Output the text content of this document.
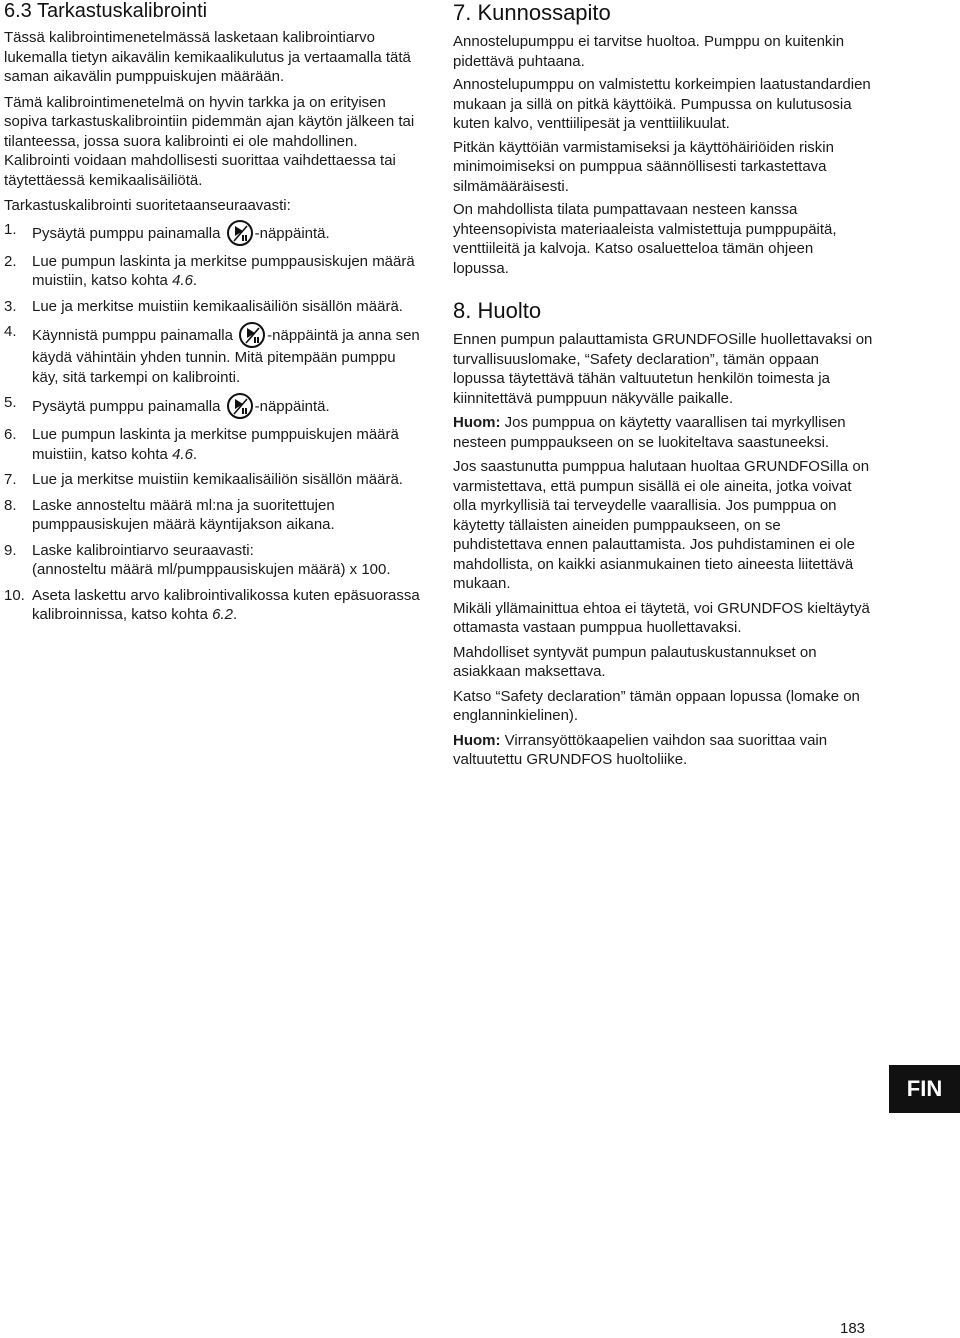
6.3 Tarkastuskalibrointi

Tässä kalibrointimenetelmässä lasketaan kalibrointiarvo lukemalla tietyn aikavälin kemikaalikulutus ja vertaamalla tätä saman aikavälin pumppuiskujen määrään.

Tämä kalibrointimenetelmä on hyvin tarkka ja on erityisen sopiva tarkastuskalibrointiin pidemmän ajan käytön jälkeen tai tilanteessa, jossa suora kalibrointi ei ole mahdollinen. Kalibrointi voidaan mahdollisesti suorittaa vaihdettaessa tai täytettäessä kemikaalisäiliötä.

Tarkastuskalibrointi suoritetaanseuraavasti:

1.	Pysäytä pumppu painamalla -näppäintä.
2.	Lue pumpun laskinta ja merkitse pumppausiskujen määrä muistiin, katso kohta 4.6.
3.	Lue ja merkitse muistiin kemikaalisäiliön sisällön määrä.
4.	Käynnistä pumppu painamalla -näppäintä ja anna sen käydä vähintäin yhden tunnin. Mitä pitempään pumppu käy, sitä tarkempi on kalibrointi.
5.	Pysäytä pumppu painamalla -näppäintä.
6.	Lue pumpun laskinta ja merkitse pumppuiskujen määrä muistiin, katso kohta 4.6.
7.	Lue ja merkitse muistiin kemikaalisäiliön sisällön määrä.
8.	Laske annosteltu määrä ml:na ja suoritettujen pumppausiskujen määrä käyntijakson aikana.
9.	Laske kalibrointiarvo seuraavasti:
(annosteltu määrä ml/pumppausiskujen määrä) x 100.
10. Aseta laskettu arvo kalibrointivalikossa kuten epäsuorassa kalibroinnissa, katso kohta 6.2.
7. Kunnossapito

Annostelupumppu ei tarvitse huoltoa. Pumppu on kuitenkin pidettävä puhtaana.

Annostelupumppu on valmistettu korkeimpien laatustandardien mukaan ja sillä on pitkä käyttöikä. Pumpussa on kulutusosia kuten kalvo, venttiilipesät ja venttiilikuulat.

Pitkän käyttöiän varmistamiseksi ja käyttöhäiriöiden riskin minimoimiseksi on pumppua säännöllisesti tarkastettava silmämääräisesti.

On mahdollista tilata pumpattavaan nesteen kanssa yhteensopivista materiaaleista valmistettuja pumppupäitä, venttiileitä ja kalvoja. Katso osaluetteloa tämän ohjeen lopussa.

8. Huolto

Ennen pumpun palauttamista GRUNDFOSille huollettavaksi on turvallisuuslomake, “Safety declaration”, tämän oppaan lopussa täytettävä tähän valtuutetun henkilön toimesta ja kiinnitettävä pumppuun näkyvälle paikalle.

Huom: Jos pumppua on käytetty vaarallisen tai myrkyllisen nesteen pumppaukseen on se luokiteltava saastuneeksi.

Jos saastunutta pumppua halutaan huoltaa GRUNDFOSilla on varmistettava, että pumpun sisällä ei ole aineita, jotka voivat olla myrkyllisiä tai terveydelle vaarallisia. Jos pumppua on käytetty tällaisten aineiden pumppaukseen, on se puhdistettava ennen palauttamista. Jos puhdistaminen ei ole mahdollista, on kaikki asianmukainen tieto aineesta liitettävä mukaan.

Mikäli yllämainittua ehtoa ei täytetä, voi GRUNDFOS kieltäytyä ottamasta vastaan pumppua huollettavaksi.

Mahdolliset syntyvät pumpun palautuskustannukset on asiakkaan maksettava.

Katso “Safety declaration” tämän oppaan lopussa (lomake on englanninkielinen).

Huom: Virransyöttökaapelien vaihdon saa suorittaa vain valtuutettu GRUNDFOS huoltoliike.

FIN
183
